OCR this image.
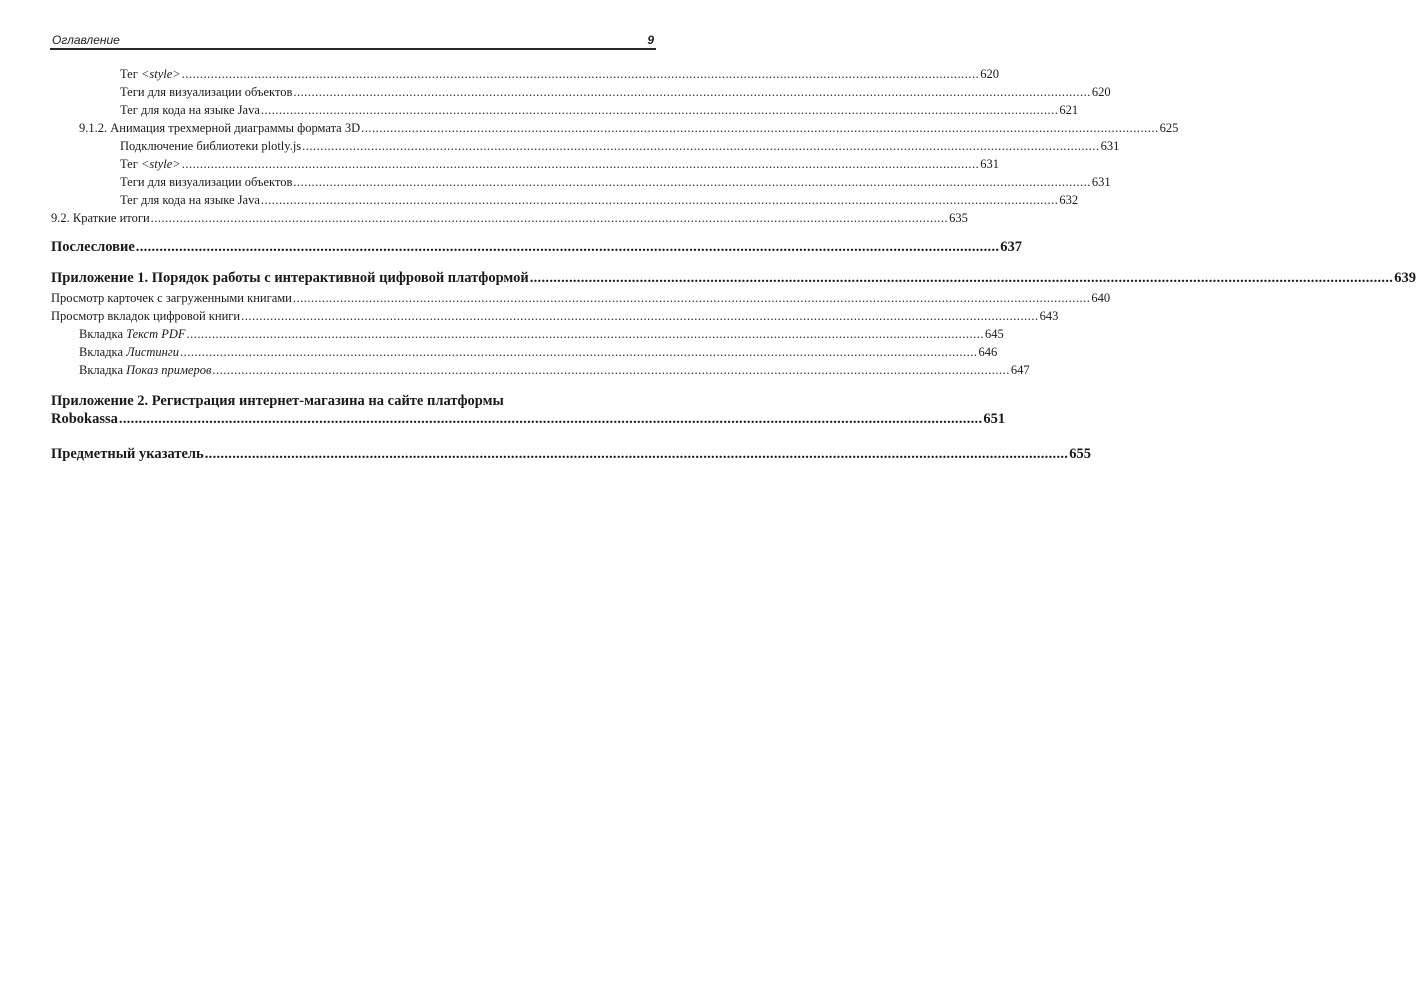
Оглавление	9
Тег <style> ............................................................................................................................................................................................................................ 620
Теги для визуализации объектов ............................................................................................................................................................................................................................ 620
Тег для кода на языке Java ............................................................................................................................................................................................................................ 621
9.1.2. Анимация трехмерной диаграммы формата 3D ............................................................................................................................................................................................................................ 625
Подключение библиотеки plotly.js ............................................................................................................................................................................................................................ 631
Тег <style> ............................................................................................................................................................................................................................ 631
Теги для визуализации объектов ............................................................................................................................................................................................................................ 631
Тег для кода на языке Java ............................................................................................................................................................................................................................ 632
9.2. Краткие итоги ............................................................................................................................................................................................................................ 635
Послесловие ............................................................................................................................................................................................................................ 637
Приложение 1. Порядок работы с интерактивной цифровой платформой ............................................................................................................................................................................................................................ 639
Просмотр карточек с загруженными книгами ............................................................................................................................................................................................................................ 640
Просмотр вкладок цифровой книги ............................................................................................................................................................................................................................ 643
Вкладка Текст PDF ............................................................................................................................................................................................................................ 645
Вкладка Листинги ............................................................................................................................................................................................................................ 646
Вкладка Показ примеров ............................................................................................................................................................................................................................ 647
Приложение 2. Регистрация интернет-магазина на сайте платформы
Robokassa ............................................................................................................................................................................................................................ 651
Предметный указатель ............................................................................................................................................................................................................................ 655
